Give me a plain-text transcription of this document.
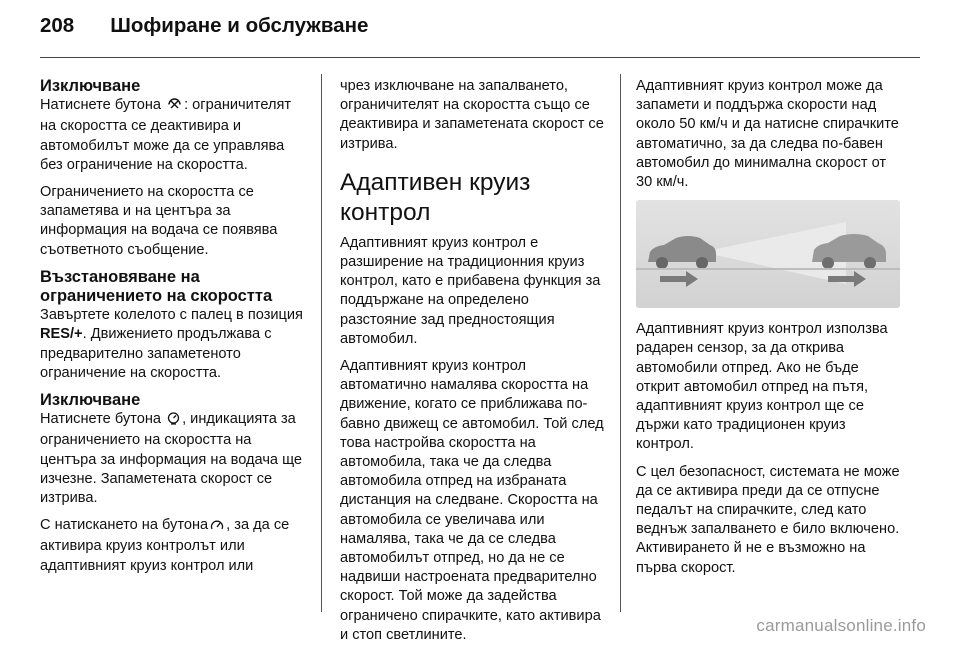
208 Шофиране и обслужване
Изключване

Натиснете бутона : ограничителят на скоростта се деактивира и автомобилът може да се управлява без ограничение на скоростта.

Ограничението на скоростта се запаметява и на центъра за информация на водача се появява съответното съобщение.

Възстановяване на ограничението на скоростта

Завъртете колелото с палец в позиция RES/+. Движението продължава с предварително запаметеното ограничение на скоростта.

Изключване

Натиснете бутона , индикацията за ограничението на скоростта на центъра за информация на водача ще изчезне. Запаметената скорост се изтрива.

С натискането на бутона , за да се активира круиз контролът или адаптивният круиз контрол или

чрез изключване на запалването, ограничителят на скоростта също се деактивира и запаметената скорост се изтрива.

Адаптивен круиз контрол

Адаптивният круиз контрол е разширение на традиционния круиз контрол, като е прибавена функция за поддържане на определено разстояние зад предностоящия автомобил.

Адаптивният круиз контрол автоматично намалява скоростта на движение, когато се приближава по-бавно движещ се автомобил. Той след това настройва скоростта на автомобила, така че да следва автомобила отпред на избраната дистанция на следване. Скоростта на автомобила се увеличава или намалява, така че да се следва автомобилът отпред, но да не се надвиши настроената предварително скорост. Той може да задейства ограничено спирачките, като активира и стоп светлините.

Адаптивният круиз контрол може да запамети и поддържа скорости над около 50 км/ч и да натисне спирачките автоматично, за да следва по-бавен автомобил до минимална скорост от 30 км/ч.

Адаптивният круиз контрол използва радарен сензор, за да открива автомобили отпред. Ако не бъде открит автомобил отпред на пътя, адаптивният круиз контрол ще се държи като традиционен круиз контрол.

С цел безопасност, системата не може да се активира преди да се отпусне педалът на спирачките, след като веднъж запалването е било включено. Активирането й не е възможно на първа скорост.

carmanualsonline.info
